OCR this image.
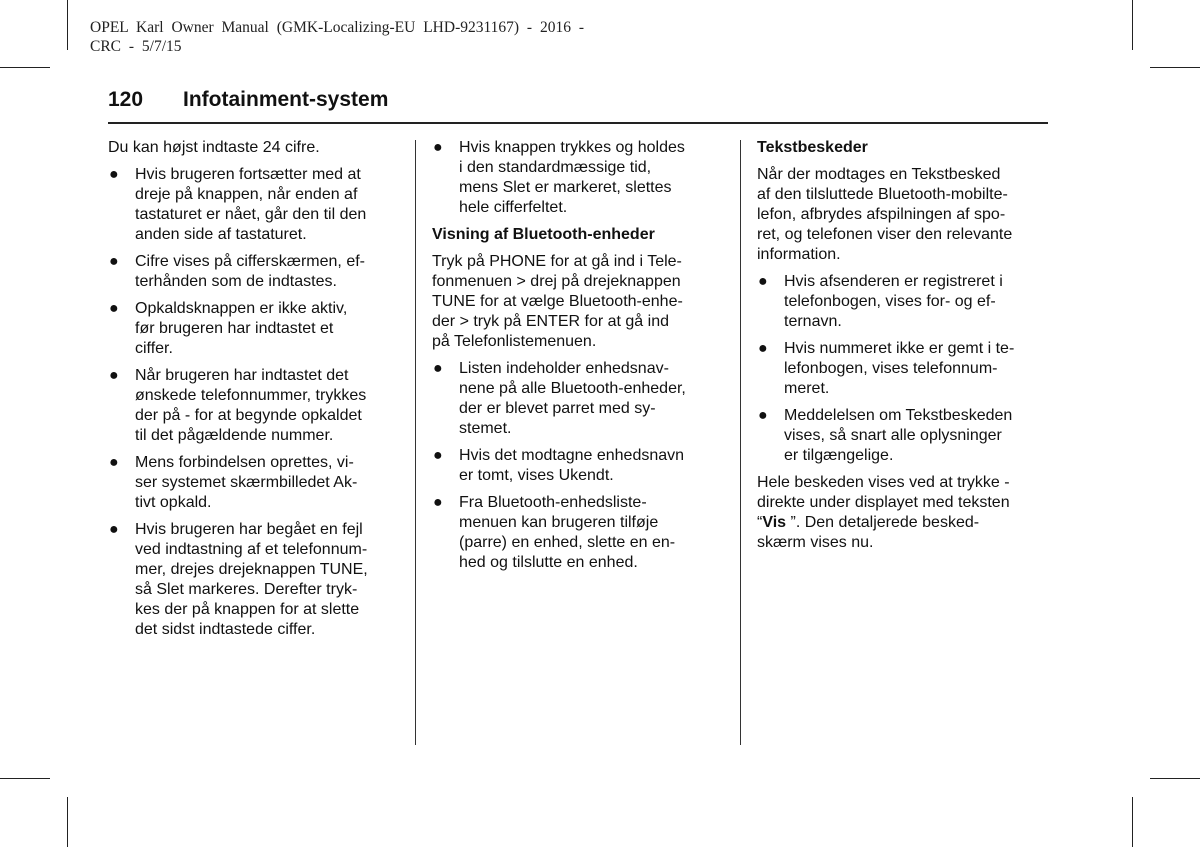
OPEL Karl Owner Manual (GMK-Localizing-EU LHD-9231167) - 2016 -
CRC - 5/7/15
120 Infotainment-system
Du kan højst indtaste 24 cifre.
● Hvis brugeren fortsætter med at
dreje på knappen, når enden af
tastaturet er nået, går den til den
anden side af tastaturet.
● Cifre vises på cifferskærmen, ef-
terhånden som de indtastes.
● Opkaldsknappen er ikke aktiv,
før brugeren har indtastet et
ciffer.
● Når brugeren har indtastet det
ønskede telefonnummer, trykkes
der på - for at begynde opkaldet
til det pågældende nummer.
● Mens forbindelsen oprettes, vi-
ser systemet skærmbilledet Ak-
tivt opkald.
● Hvis brugeren har begået en fejl
ved indtastning af et telefonnum-
mer, drejes drejeknappen TUNE,
så Slet markeres. Derefter tryk-
kes der på knappen for at slette
det sidst indtastede ciffer.
● Hvis knappen trykkes og holdes
i den standardmæssige tid,
mens Slet er markeret, slettes
hele cifferfeltet.
Visning af Bluetooth-enheder
Tryk på PHONE for at gå ind i Tele-
fonmenuen > drej på drejeknappen
TUNE for at vælge Bluetooth-enhe-
der > tryk på ENTER for at gå ind
på Telefonlistemenuen.
● Listen indeholder enhedsnav-
nene på alle Bluetooth-enheder,
der er blevet parret med sy-
stemet.
● Hvis det modtagne enhedsnavn
er tomt, vises Ukendt.
● Fra Bluetooth-enhedsliste-
menuen kan brugeren tilføje
(parre) en enhed, slette en en-
hed og tilslutte en enhed.
Tekstbeskeder
Når der modtages en Tekstbesked
af den tilsluttede Bluetooth-mobilte-
lefon, afbrydes afspilningen af spo-
ret, og telefonen viser den relevante
information.
● Hvis afsenderen er registreret i
telefonbogen, vises for- og ef-
ternavn.
● Hvis nummeret ikke er gemt i te-
lefonbogen, vises telefonnum-
meret.
● Meddelelsen om Tekstbeskeden
vises, så snart alle oplysninger
er tilgængelige.
Hele beskeden vises ved at trykke -
direkte under displayet med teksten
“Vis ”. Den detaljerede besked-
skærm vises nu.
